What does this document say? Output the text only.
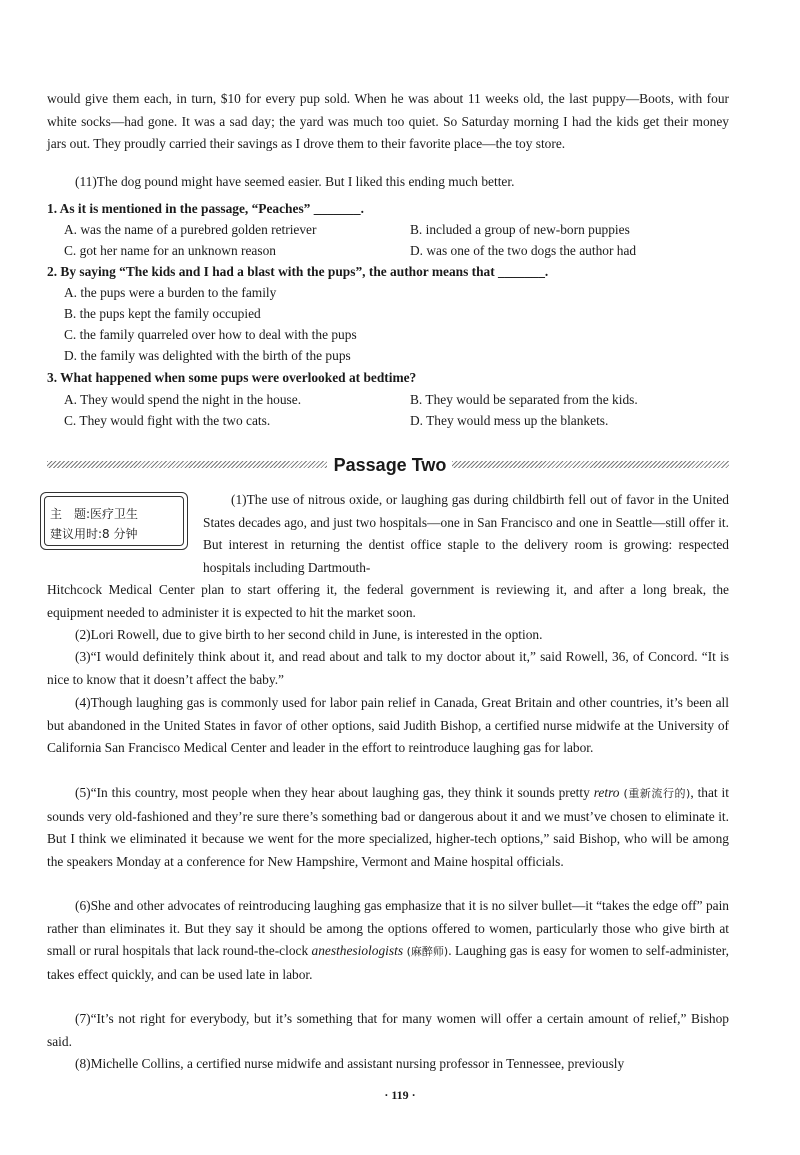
would give them each, in turn, $10 for every pup sold. When he was about 11 weeks old, the last puppy—Boots, with four white socks—had gone. It was a sad day; the yard was much too quiet. So Saturday morning I had the kids get their money jars out. They proudly carried their savings as I drove them to their favorite place—the toy store.

(11)The dog pound might have seemed easier. But I liked this ending much better.

1. As it is mentioned in the passage, “Peaches” _______.
A. was the name of a purebred golden retriever	B. included a group of new-born puppies
C. got her name for an unknown reason	D. was one of the two dogs the author had
2. By saying “The kids and I had a blast with the pups”, the author means that _______.
A. the pups were a burden to the family
B. the pups kept the family occupied
C. the family quarreled over how to deal with the pups
D. the family was delighted with the birth of the pups
3. What happened when some pups were overlooked at bedtime?
A. They would spend the night in the house.	B. They would be separated from the kids.
C. They would fight with the two cats.	D. They would mess up the blankets.
Passage Two
主　题:医疗卫生
建议用时:8 分钟

(1)The use of nitrous oxide, or laughing gas during childbirth fell out of favor in the United States decades ago, and just two hospitals—one in San Francisco and one in Seattle—still offer it. But interest in returning the dentist office staple to the delivery room is growing: respected hospitals including Dartmouth-

Hitchcock Medical Center plan to start offering it, the federal government is reviewing it, and after a long break, the equipment needed to administer it is expected to hit the market soon.

(2)Lori Rowell, due to give birth to her second child in June, is interested in the option.

(3)“I would definitely think about it, and read about and talk to my doctor about it,” said Rowell, 36, of Concord. “It is nice to know that it doesn’t affect the baby.”

(4)Though laughing gas is commonly used for labor pain relief in Canada, Great Britain and other countries, it’s been all but abandoned in the United States in favor of other options, said Judith Bishop, a certified nurse midwife at the University of California San Francisco Medical Center and leader in the effort to reintroduce laughing gas for labor.

(5)“In this country, most people when they hear about laughing gas, they think it sounds pretty retro (重新流行的), that it sounds very old-fashioned and they’re sure there’s something bad or dangerous about it and we must’ve chosen to eliminate it. But I think we eliminated it because we went for the more specialized, higher-tech options,” said Bishop, who will be among the speakers Monday at a conference for New Hampshire, Vermont and Maine hospital officials.

(6)She and other advocates of reintroducing laughing gas emphasize that it is no silver bullet—it “takes the edge off” pain rather than eliminates it. But they say it should be among the options offered to women, particularly those who give birth at small or rural hospitals that lack round-the-clock anesthesiologists (麻醉师). Laughing gas is easy for women to self-administer, takes effect quickly, and can be used late in labor.

(7)“It’s not right for everybody, but it’s something that for many women will offer a certain amount of relief,” Bishop said.

(8)Michelle Collins, a certified nurse midwife and assistant nursing professor in Tennessee, previously

· 119 ·
